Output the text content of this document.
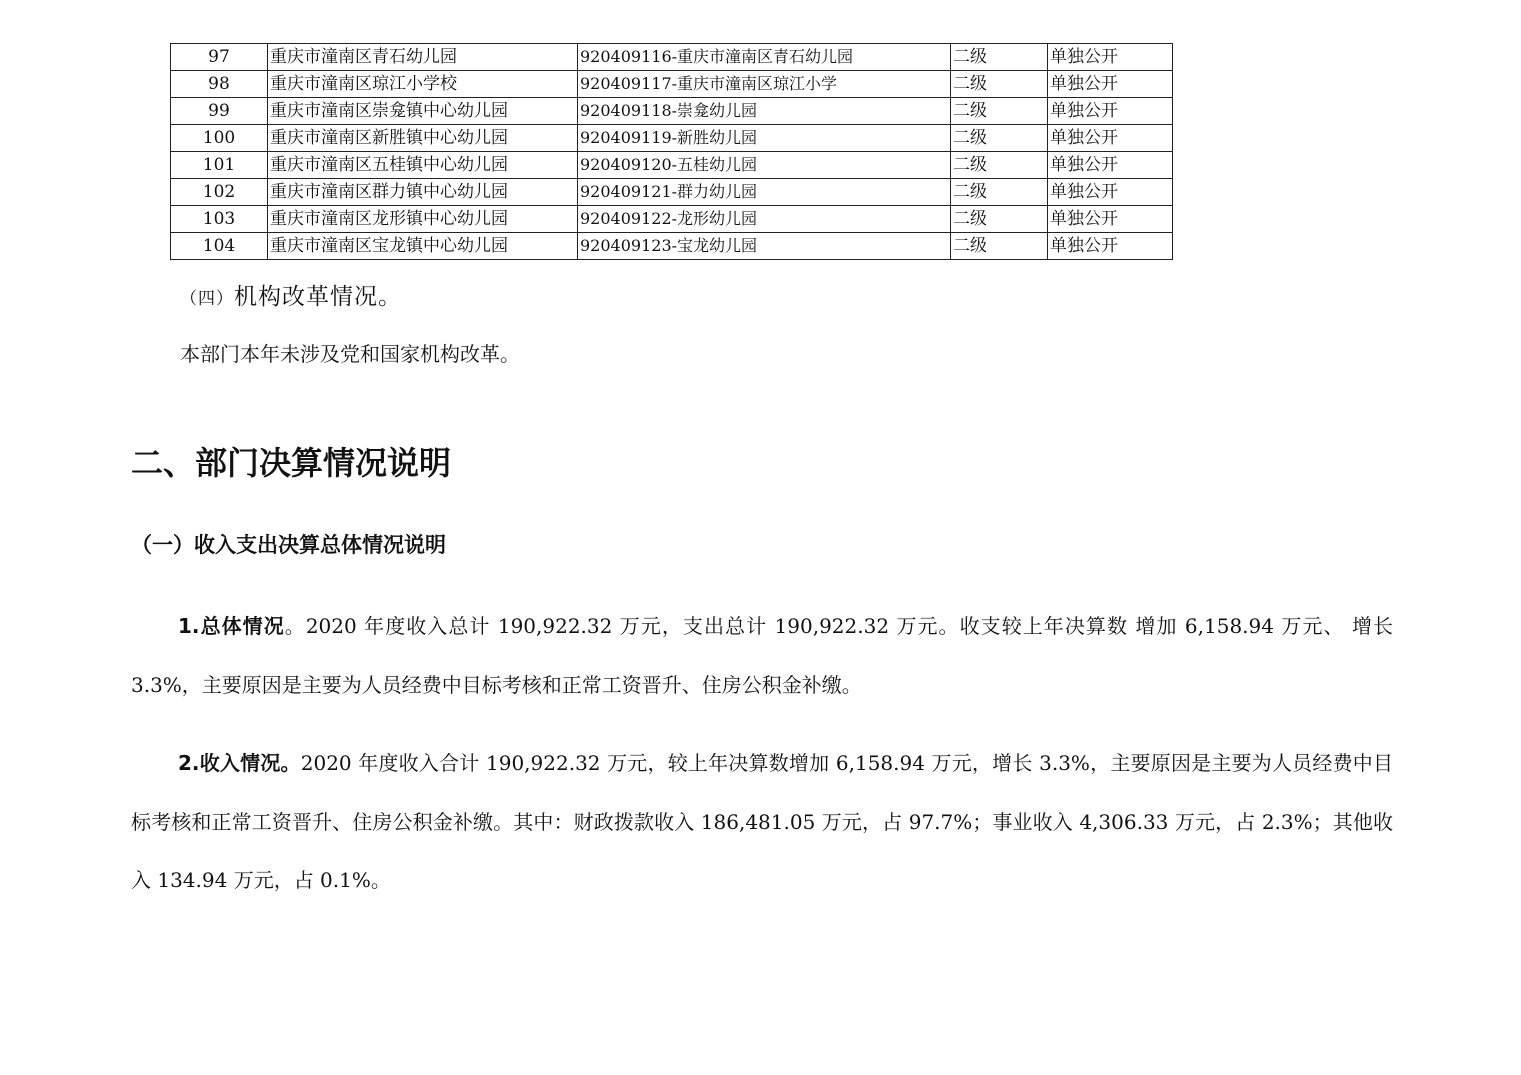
97	重庆市潼南区青石幼儿园	920409116-重庆市潼南区青石幼儿园	二级	单独公开
98	重庆市潼南区琼江小学校	920409117-重庆市潼南区琼江小学	二级	单独公开
99	重庆市潼南区崇龛镇中心幼儿园	920409118-崇龛幼儿园	二级	单独公开
100	重庆市潼南区新胜镇中心幼儿园	920409119-新胜幼儿园	二级	单独公开
101	重庆市潼南区五桂镇中心幼儿园	920409120-五桂幼儿园	二级	单独公开
102	重庆市潼南区群力镇中心幼儿园	920409121-群力幼儿园	二级	单独公开
103	重庆市潼南区龙形镇中心幼儿园	920409122-龙形幼儿园	二级	单独公开
104	重庆市潼南区宝龙镇中心幼儿园	920409123-宝龙幼儿园	二级	单独公开
（四）机构改革情况。
本部门本年未涉及党和国家机构改革。
二、部门决算情况说明
（一）收入支出决算总体情况说明
1.总体情况。2020 年度收入总计 190,922.32 万元，支出总计 190,922.32 万元。收支较上年决算数 增加 6,158.94 万元、 增长 3.3%，主要原因是主要为人员经费中目标考核和正常工资晋升、住房公积金补缴。
2.收入情况。2020 年度收入合计 190,922.32 万元，较上年决算数增加 6,158.94 万元，增长 3.3%，主要原因是主要为人员经费中目标考核和正常工资晋升、住房公积金补缴。其中：财政拨款收入 186,481.05 万元，占 97.7%；事业收入 4,306.33 万元，占 2.3%；其他收入 134.94 万元，占 0.1%。
